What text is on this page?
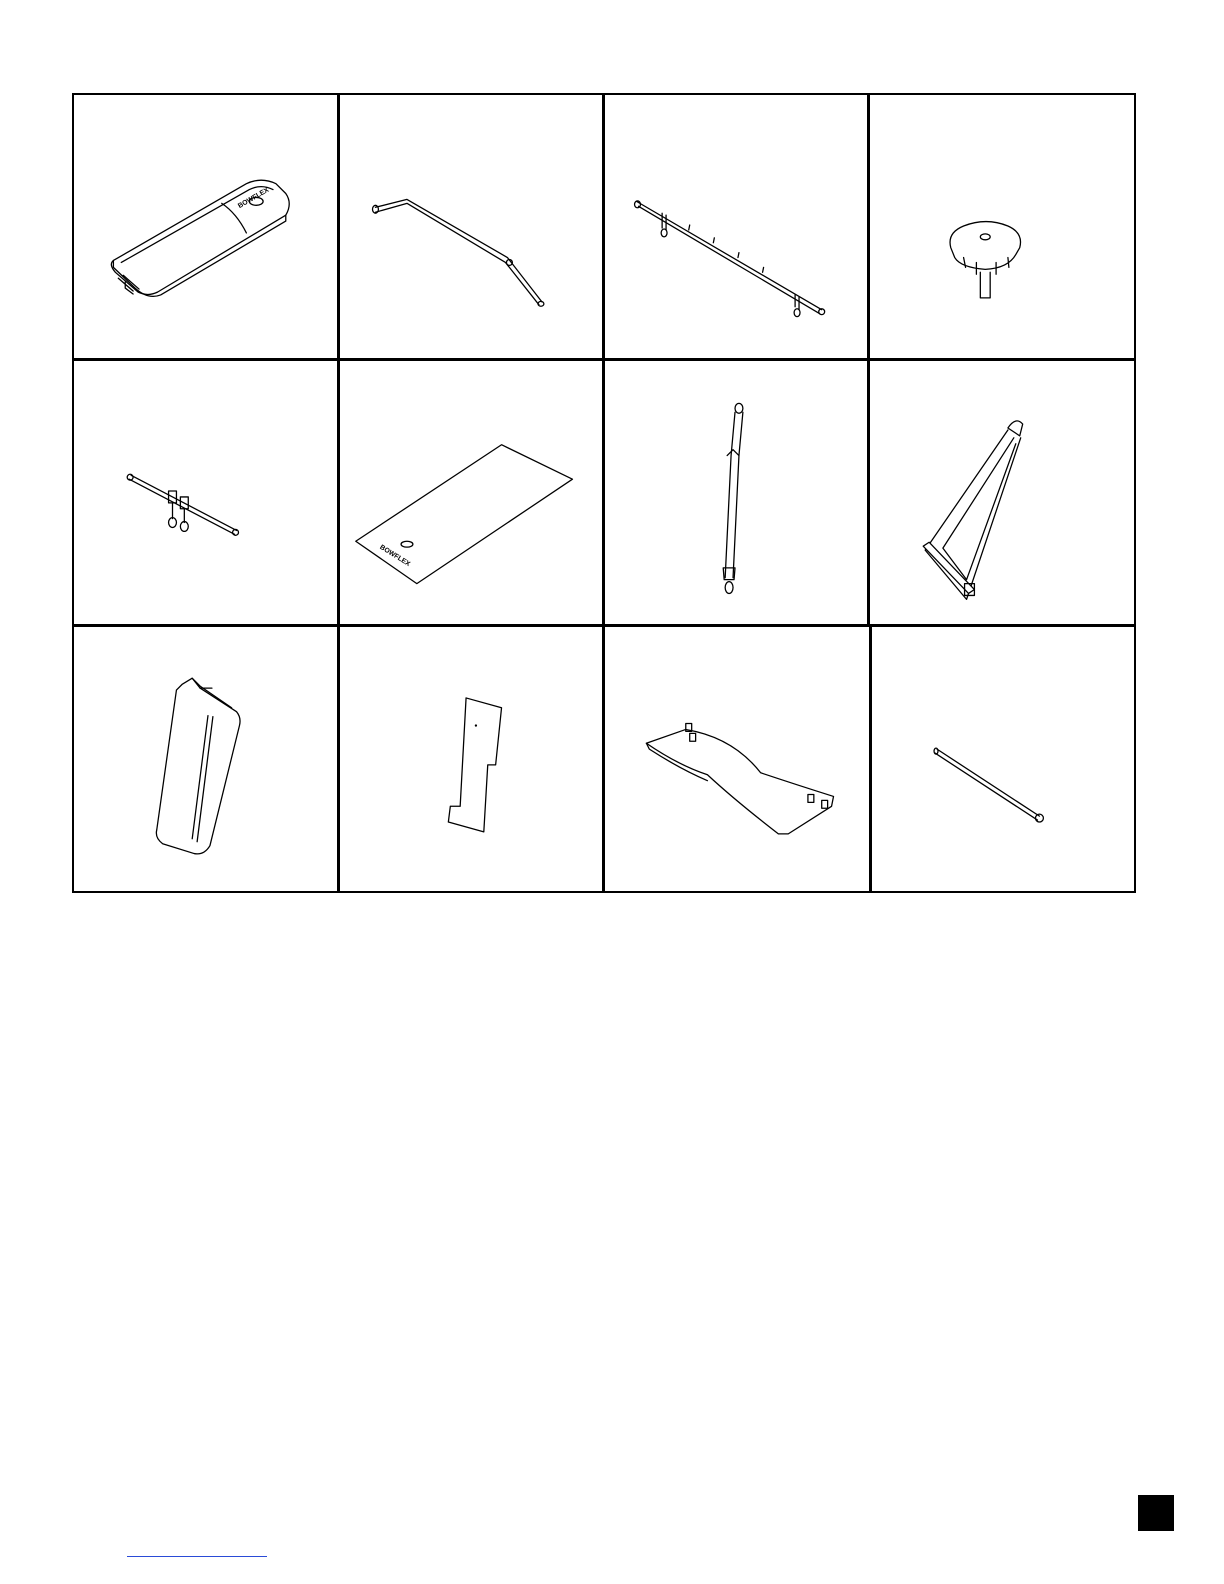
BOWFLEX
BOWFLEX
